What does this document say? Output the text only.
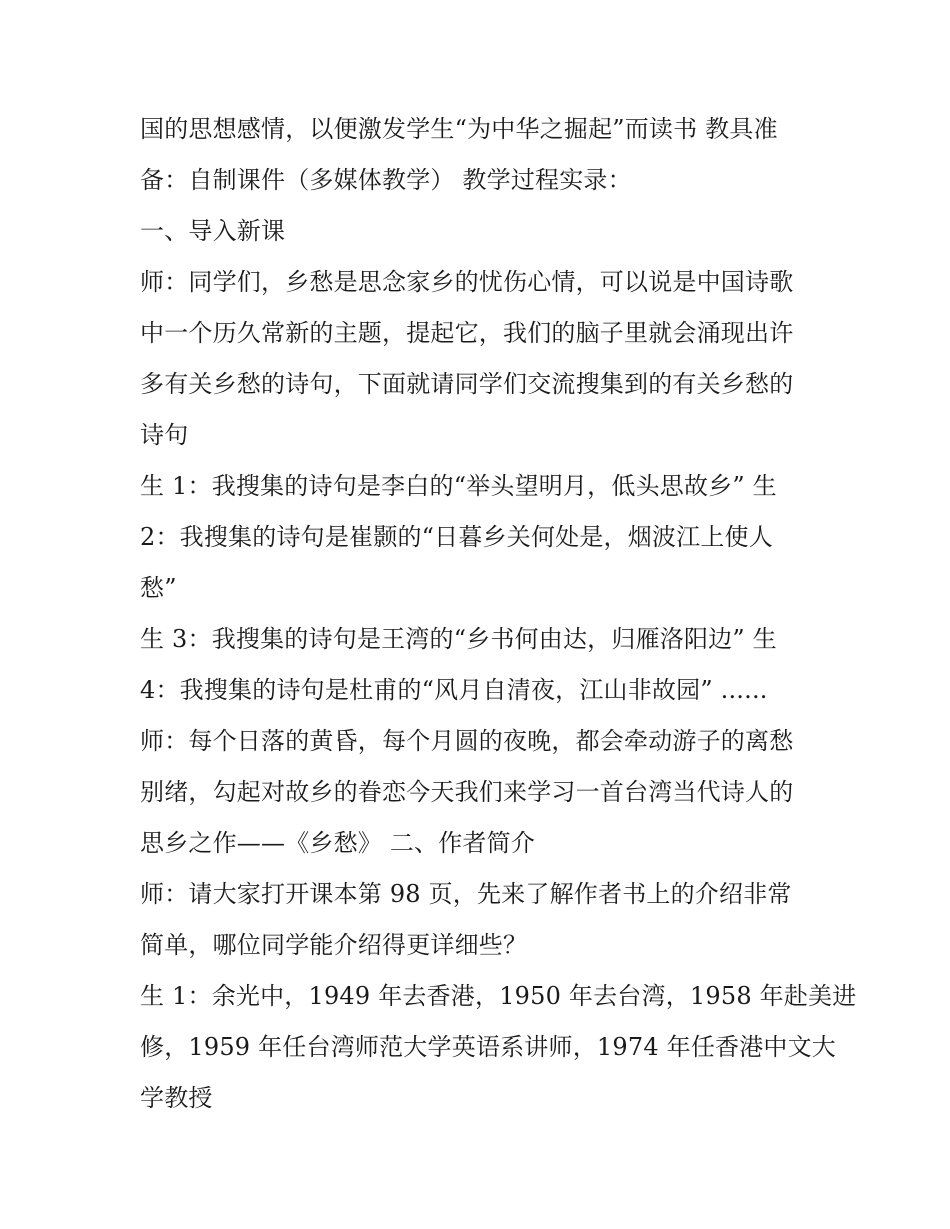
国的思想感情，以便激发学生“为中华之掘起”而读书 教具准
备：自制课件（多媒体教学） 教学过程实录：
一、导入新课
师：同学们，乡愁是思念家乡的忧伤心情，可以说是中国诗歌
中一个历久常新的主题，提起它，我们的脑子里就会涌现出许
多有关乡愁的诗句，下面就请同学们交流搜集到的有关乡愁的
诗句
生 1：我搜集的诗句是李白的“举头望明月，低头思故乡” 生
2：我搜集的诗句是崔颢的“日暮乡关何处是，烟波江上使人
愁”
生 3：我搜集的诗句是王湾的“乡书何由达，归雁洛阳边” 生
4：我搜集的诗句是杜甫的“风月自清夜，江山非故园” ......
师：每个日落的黄昏，每个月圆的夜晚，都会牵动游子的离愁
别绪，勾起对故乡的眷恋今天我们来学习一首台湾当代诗人的
思乡之作——《乡愁》 二、作者简介
师：请大家打开课本第 98 页，先来了解作者书上的介绍非常
简单，哪位同学能介绍得更详细些？
生 1：余光中，1949 年去香港，1950 年去台湾，1958 年赴美进
修，1959 年任台湾师范大学英语系讲师，1974 年任香港中文大
学教授
